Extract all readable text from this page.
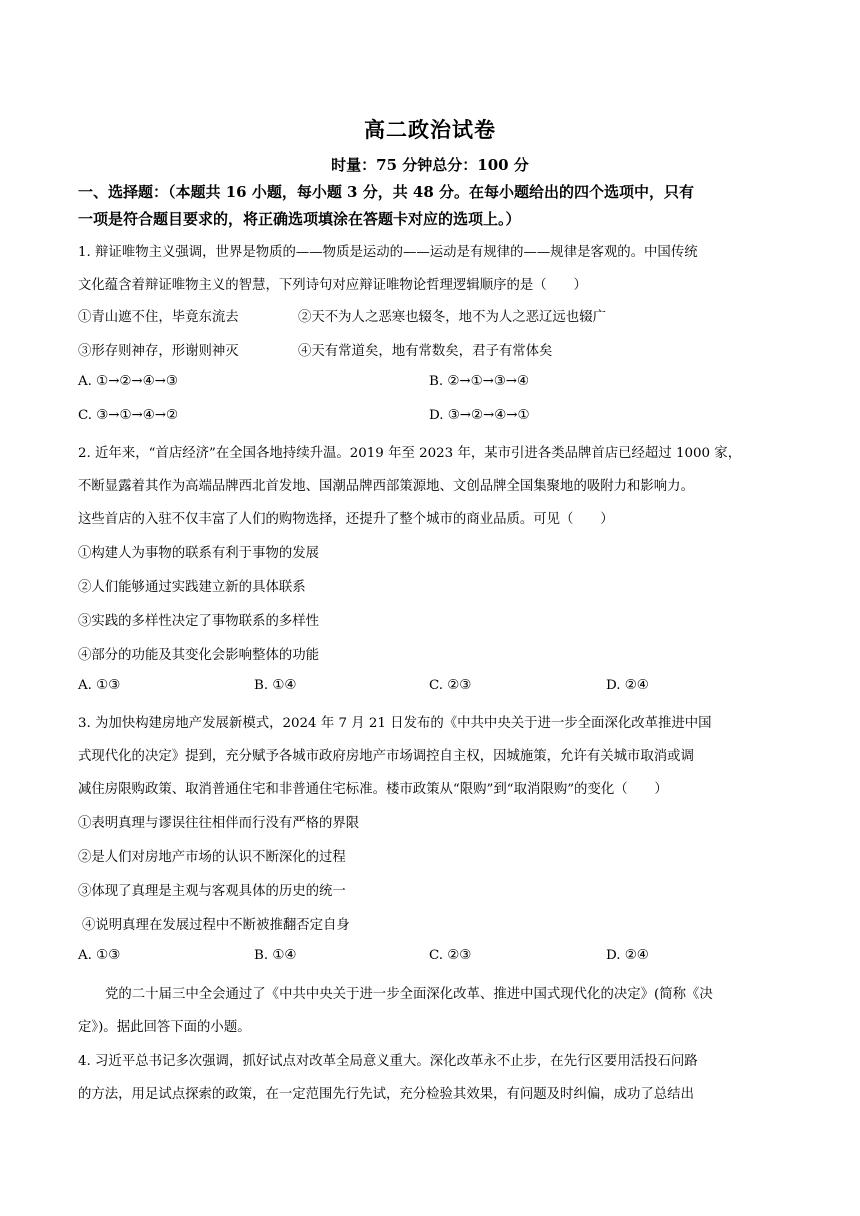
高二政治试卷
时量：75 分钟总分：100 分
一、选择题：（本题共 16 小题，每小题 3 分，共 48 分。在每小题给出的四个选项中，只有
一项是符合题目要求的，将正确选项填涂在答题卡对应的选项上。）
1. 辩证唯物主义强调，世界是物质的——物质是运动的——运动是有规律的——规律是客观的。中国传统
文化蕴含着辩证唯物主义的智慧，下列诗句对应辩证唯物论哲理逻辑顺序的是（　　）
①青山遮不住，毕竟东流去	②天不为人之恶寒也辍冬，地不为人之恶辽远也辍广
③形存则神存，形谢则神灭	④天有常道矣，地有常数矣，君子有常体矣
A. ①→②→④→③	B. ②→①→③→④
C. ③→①→④→②	D. ③→②→④→①
2. 近年来，“首店经济”在全国各地持续升温。2019 年至 2023 年，某市引进各类品牌首店已经超过 1000 家，
不断显露着其作为高端品牌西北首发地、国潮品牌西部策源地、文创品牌全国集聚地的吸附力和影响力。
这些首店的入驻不仅丰富了人们的购物选择，还提升了整个城市的商业品质。可见（　　）
①构建人为事物的联系有利于事物的发展
②人们能够通过实践建立新的具体联系
③实践的多样性决定了事物联系的多样性
④部分的功能及其变化会影响整体的功能
A. ①③	B. ①④	C. ②③	D. ②④
3. 为加快构建房地产发展新模式，2024 年 7 月 21 日发布的《中共中央关于进一步全面深化改革推进中国
式现代化的决定》提到，充分赋予各城市政府房地产市场调控自主权，因城施策，允许有关城市取消或调
减住房限购政策、取消普通住宅和非普通住宅标准。楼市政策从“限购”到“取消限购”的变化（　　）
①表明真理与谬误往往相伴而行没有严格的界限
②是人们对房地产市场的认识不断深化的过程
③体现了真理是主观与客观具体的历史的统一
④说明真理在发展过程中不断被推翻否定自身
A. ①③	B. ①④	C. ②③	D. ②④
党的二十届三中全会通过了《中共中央关于进一步全面深化改革、推进中国式现代化的决定》(简称《决
定》)。据此回答下面的小题。
4. 习近平总书记多次强调，抓好试点对改革全局意义重大。深化改革永不止步，在先行区要用活投石问路
的方法，用足试点探索的政策，在一定范围先行先试，充分检验其效果，有问题及时纠偏，成功了总结出
